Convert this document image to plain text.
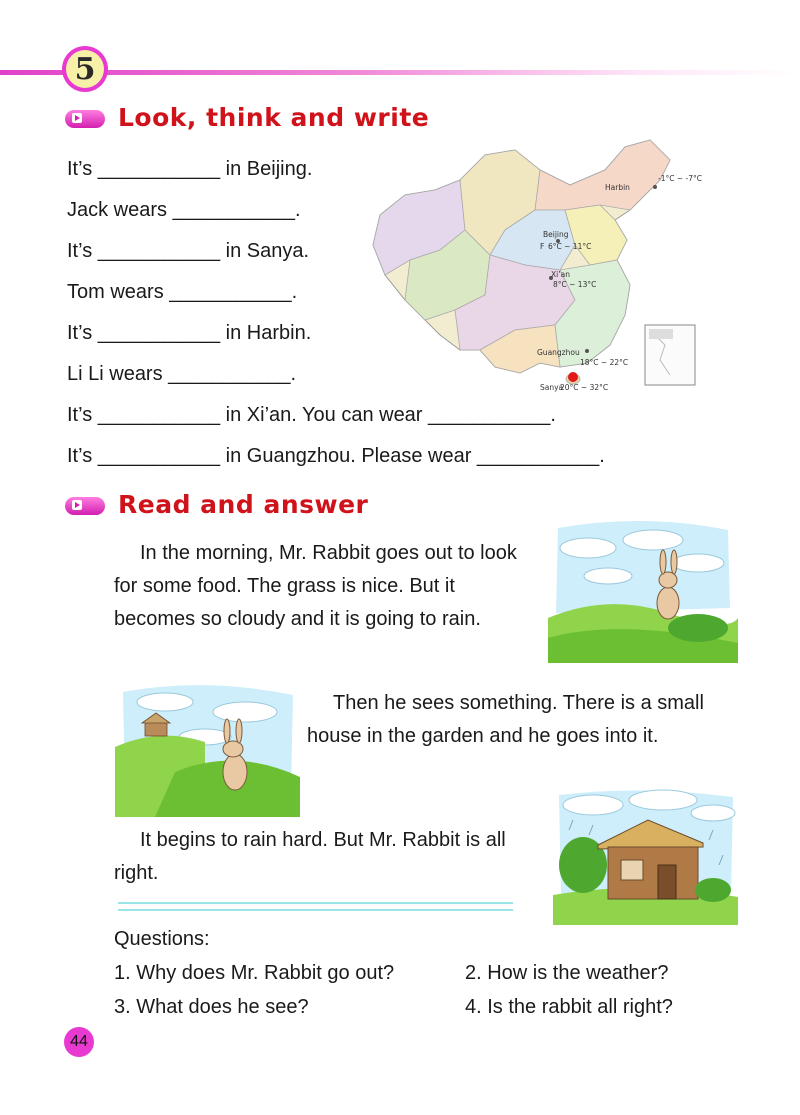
5
Look, think and write
It’s ___________ in Beijing.
Jack wears ___________.
It’s ___________ in Sanya.
Tom wears ___________.
It’s ___________ in Harbin.
Li Li wears ___________.
It’s ___________ in Xi’an. You can wear ___________.
It’s ___________ in Guangzhou. Please wear ___________.
Harbin
-1°C ~ -7°C
Beijing
F 6°C ~ 11°C
Xi’an
8°C ~ 13°C
Guangzhou
18°C ~ 22°C
Sanya
20°C ~ 32°C
Read and answer
In the morning, Mr. Rabbit goes out to look for some food. The grass is nice. But it becomes so cloudy and it is going to rain.
Then he sees something. There is a small house in the garden and he goes into it.
It begins to rain hard. But Mr. Rabbit is all right.
Questions:
1. Why does Mr. Rabbit go out?	2. How is the weather?
3. What does he see?	4. Is the rabbit all right?
44
